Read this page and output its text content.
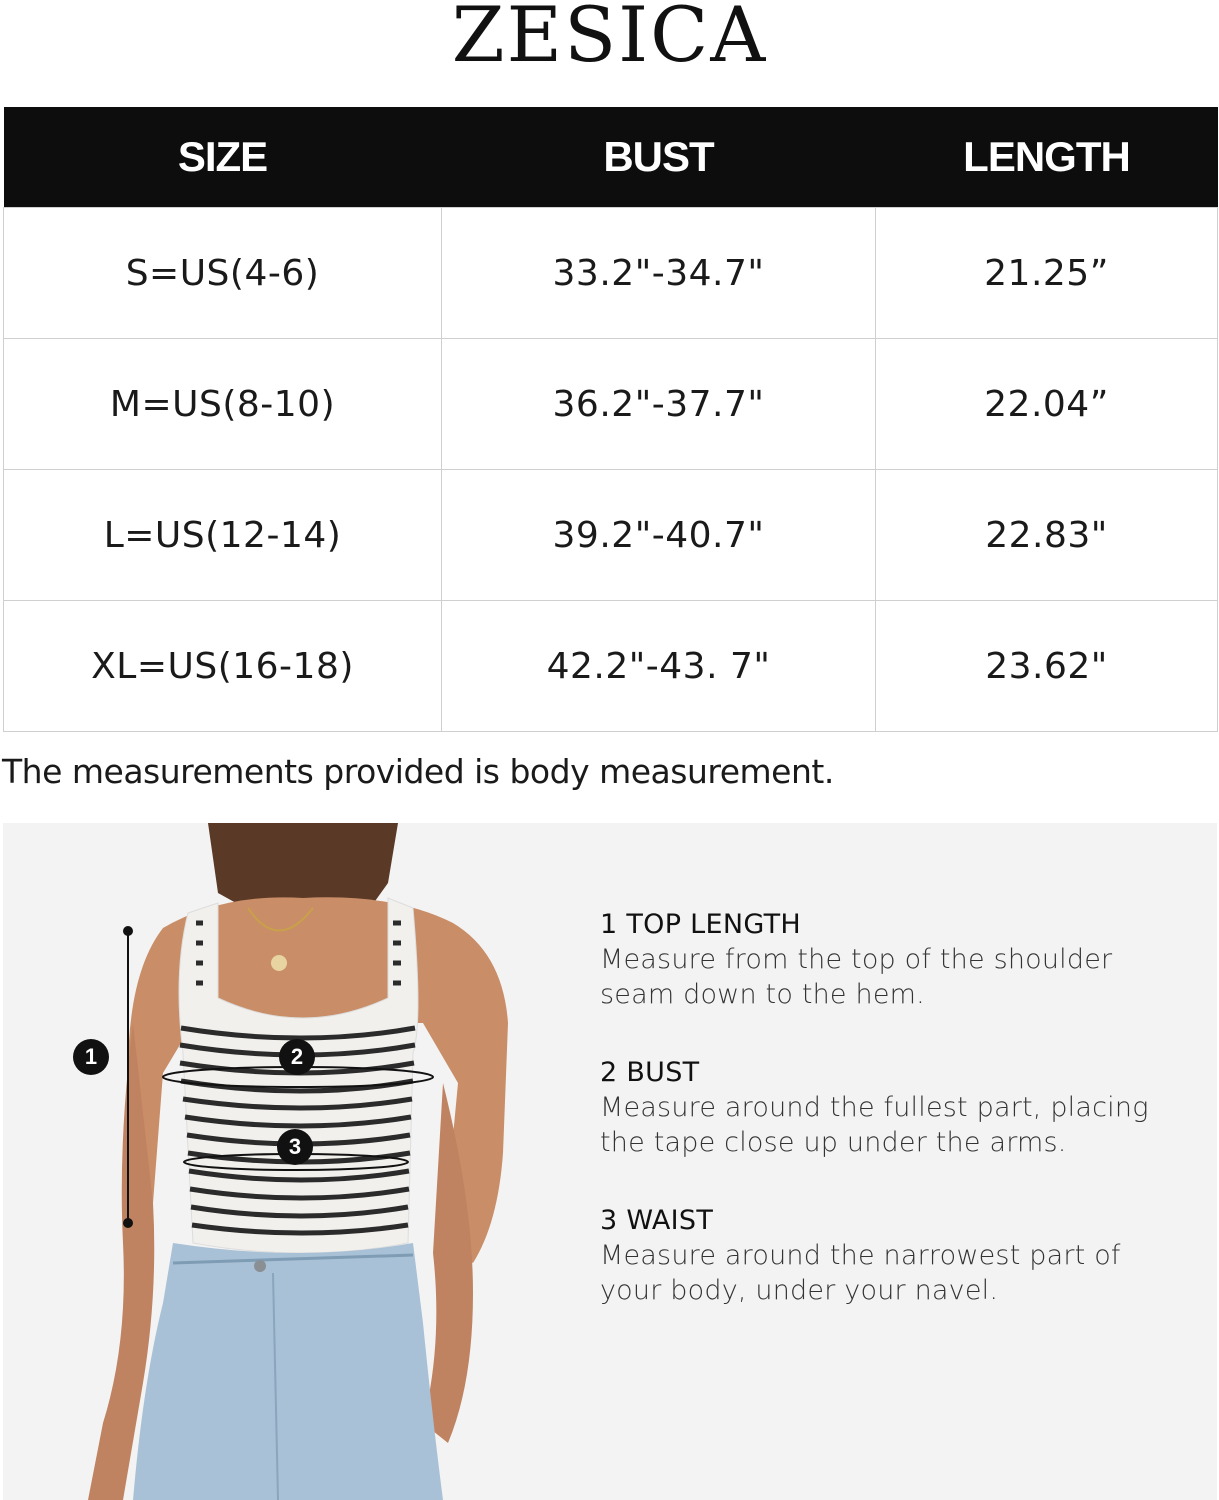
ZESICA
SIZE	BUST	LENGTH
S=US(4-6)	33.2"-34.7"	21.25”
M=US(8-10)	36.2"-37.7"	22.04”
L=US(12-14)	39.2"-40.7"	22.83"
XL=US(16-18)	42.2"-43. 7"	23.62"
The measurements provided is body measurement.
1	2
3
1 TOP LENGTH
Measure from the top of the shoulder seam down to the hem.
2 BUST
Measure around the fullest part, placing the tape close up under the arms.
3 WAIST
Measure around the narrowest part of your body, under your navel.
